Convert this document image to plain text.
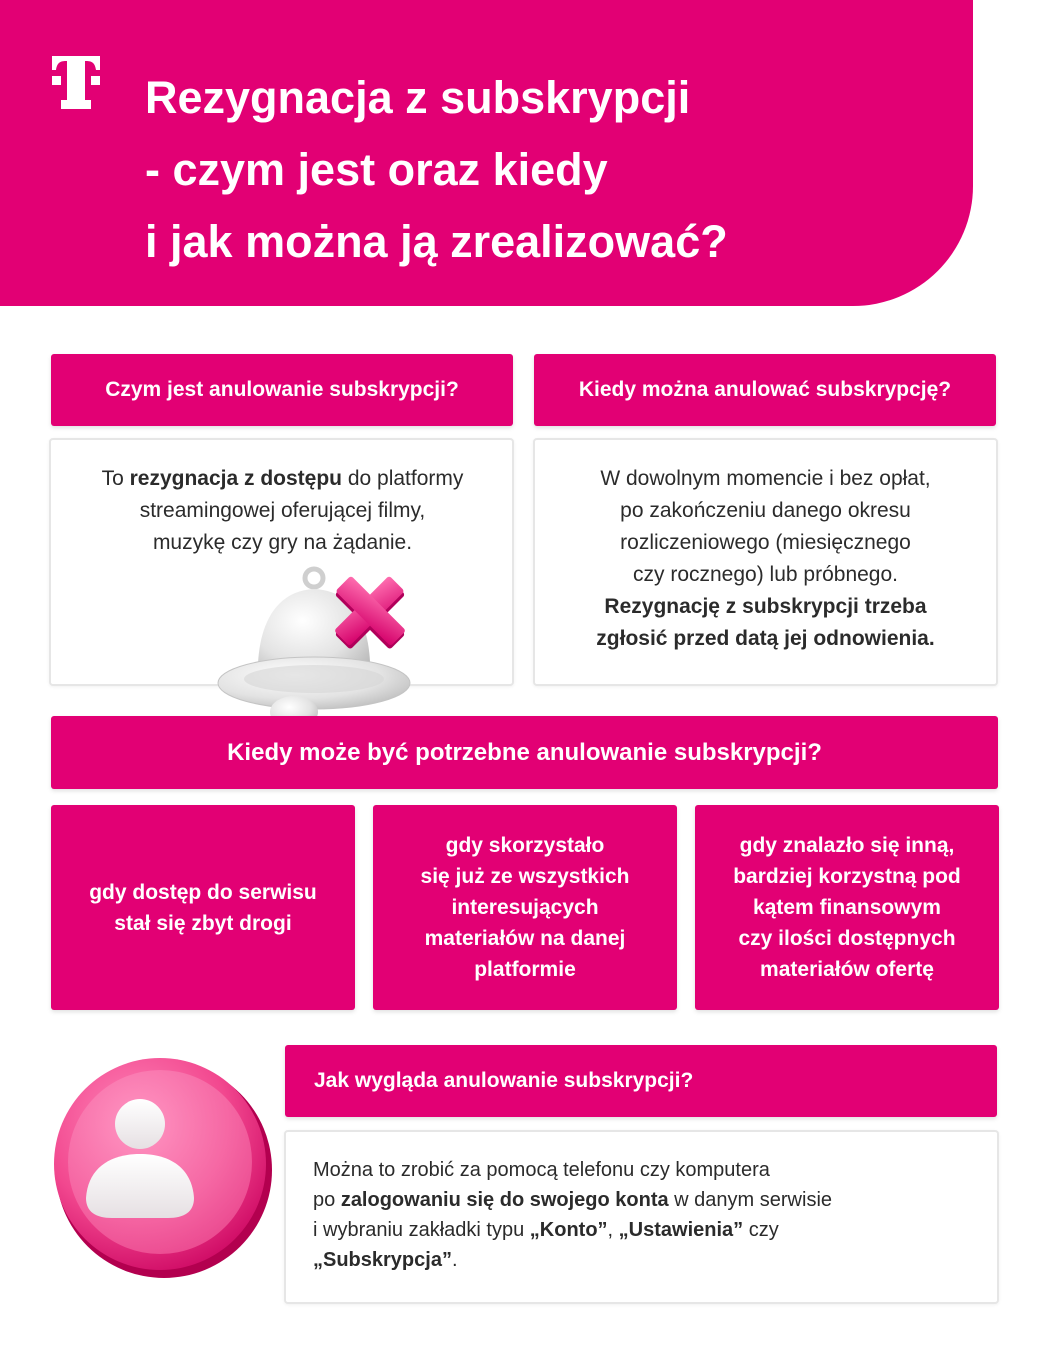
Rezygnacja z subskrypcji
- czym jest oraz kiedy
i jak można ją zrealizować?
Czym jest anulowanie subskrypcji?
To rezygnacja z dostępu do platformy
streamingowej oferującej filmy,
muzykę czy gry na żądanie.
Kiedy można anulować subskrypcję?
W dowolnym momencie i bez opłat,
po zakończeniu danego okresu
rozliczeniowego (miesięcznego
czy rocznego) lub próbnego.
Rezygnację z subskrypcji trzeba
zgłosić przed datą jej odnowienia.
Kiedy może być potrzebne anulowanie subskrypcji?
gdy dostęp do serwisu
stał się zbyt drogi
gdy skorzystało
się już ze wszystkich
interesujących
materiałów na danej
platformie
gdy znalazło się inną,
bardziej korzystną pod
kątem finansowym
czy ilości dostępnych
materiałów ofertę
Jak wygląda anulowanie subskrypcji?
Można to zrobić za pomocą telefonu czy komputera
po zalogowaniu się do swojego konta w danym serwisie
i wybraniu zakładki typu „Konto”, „Ustawienia” czy
„Subskrypcja”.
